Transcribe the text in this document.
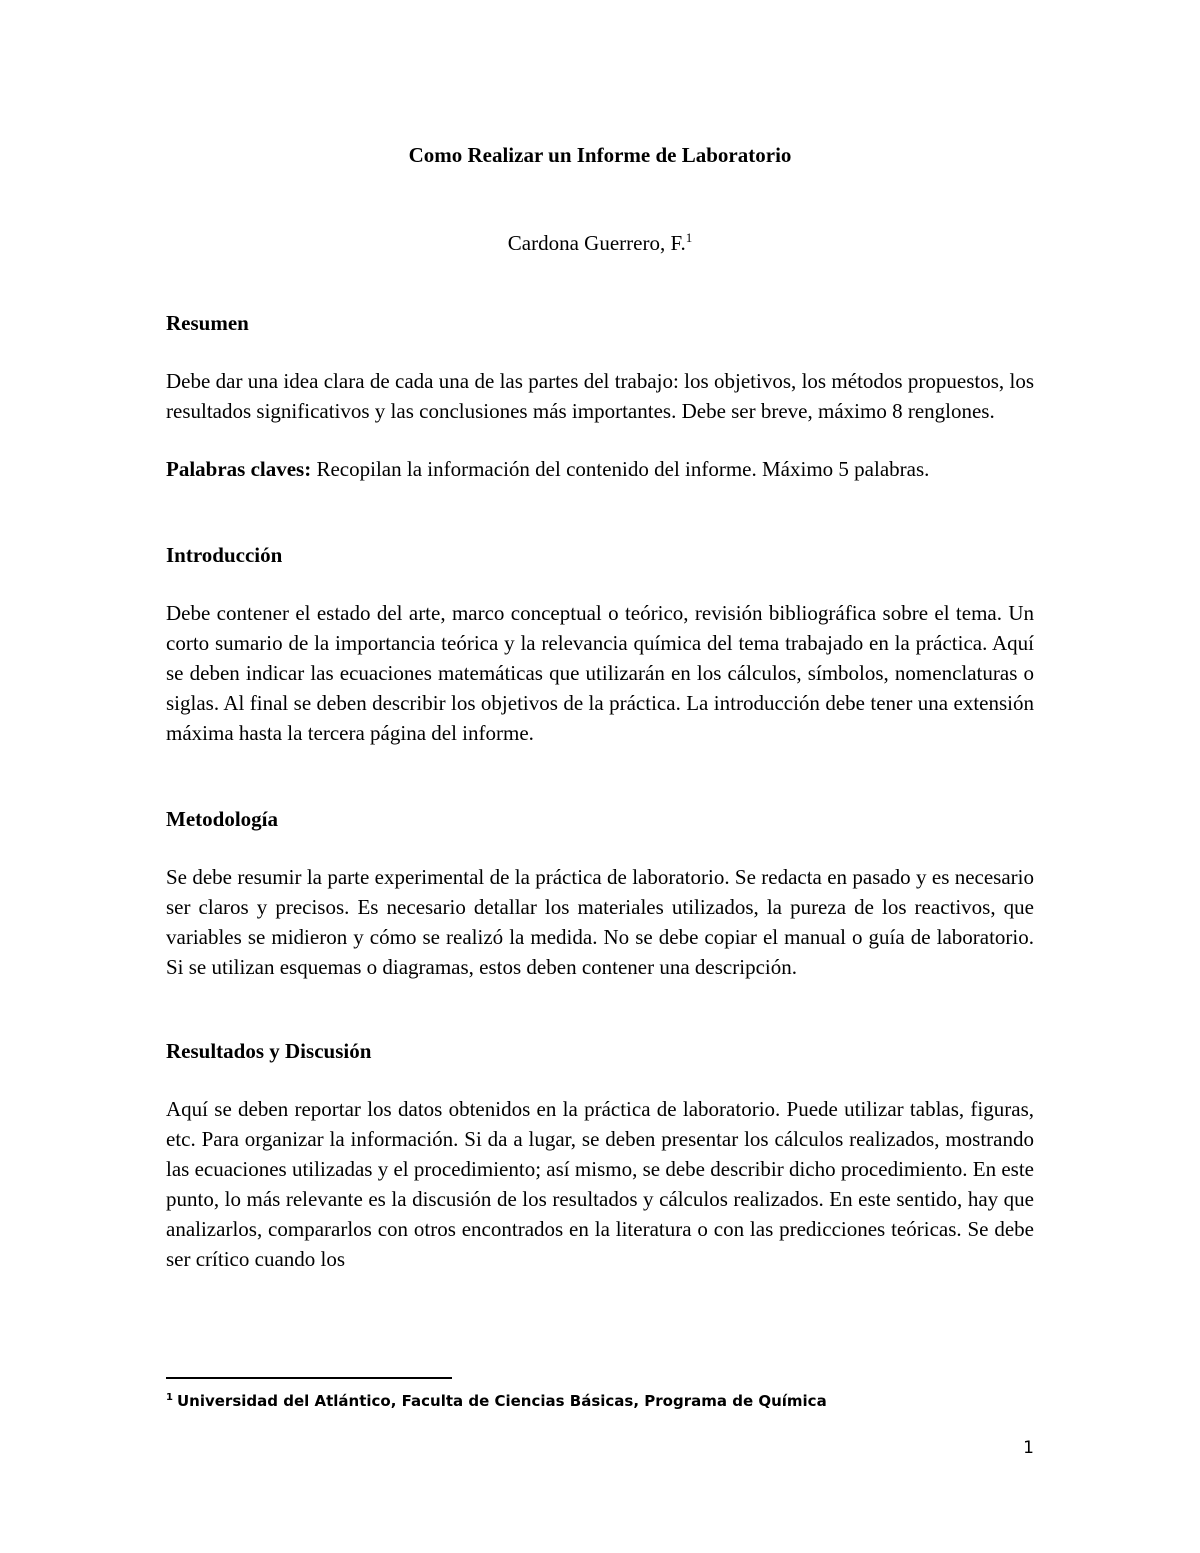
Como Realizar un Informe de Laboratorio
Cardona Guerrero, F.$^1$

Resumen

Debe dar una idea clara de cada una de las partes del trabajo: los objetivos, los métodos propuestos, los resultados significativos y las conclusiones más importantes. Debe ser breve, máximo 8 renglones.

Palabras claves: Recopilan la información del contenido del informe. Máximo 5 palabras.

Introducción

Debe contener el estado del arte, marco conceptual o teórico, revisión bibliográfica sobre el tema. Un corto sumario de la importancia teórica y la relevancia química del tema trabajado en la práctica. Aquí se deben indicar las ecuaciones matemáticas que utilizarán en los cálculos, símbolos, nomenclaturas o siglas. Al final se deben describir los objetivos de la práctica. La introducción debe tener una extensión máxima hasta la tercera página del informe.

Metodología

Se debe resumir la parte experimental de la práctica de laboratorio. Se redacta en pasado y es necesario ser claros y precisos. Es necesario detallar los materiales utilizados, la pureza de los reactivos, que variables se midieron y cómo se realizó la medida. No se debe copiar el manual o guía de laboratorio. Si se utilizan esquemas o diagramas, estos deben contener una descripción.

Resultados y Discusión

Aquí se deben reportar los datos obtenidos en la práctica de laboratorio. Puede utilizar tablas, figuras, etc. Para organizar la información. Si da a lugar, se deben presentar los cálculos realizados, mostrando las ecuaciones utilizadas y el procedimiento; así mismo, se debe describir dicho procedimiento. En este punto, lo más relevante es la discusión de los resultados y cálculos realizados. En este sentido, hay que analizarlos, compararlos con otros encontrados en la literatura o con las predicciones teóricas. Se debe ser crítico cuando los

$^1$ Universidad del Atlántico, Faculta de Ciencias Básicas, Programa de Química
1
